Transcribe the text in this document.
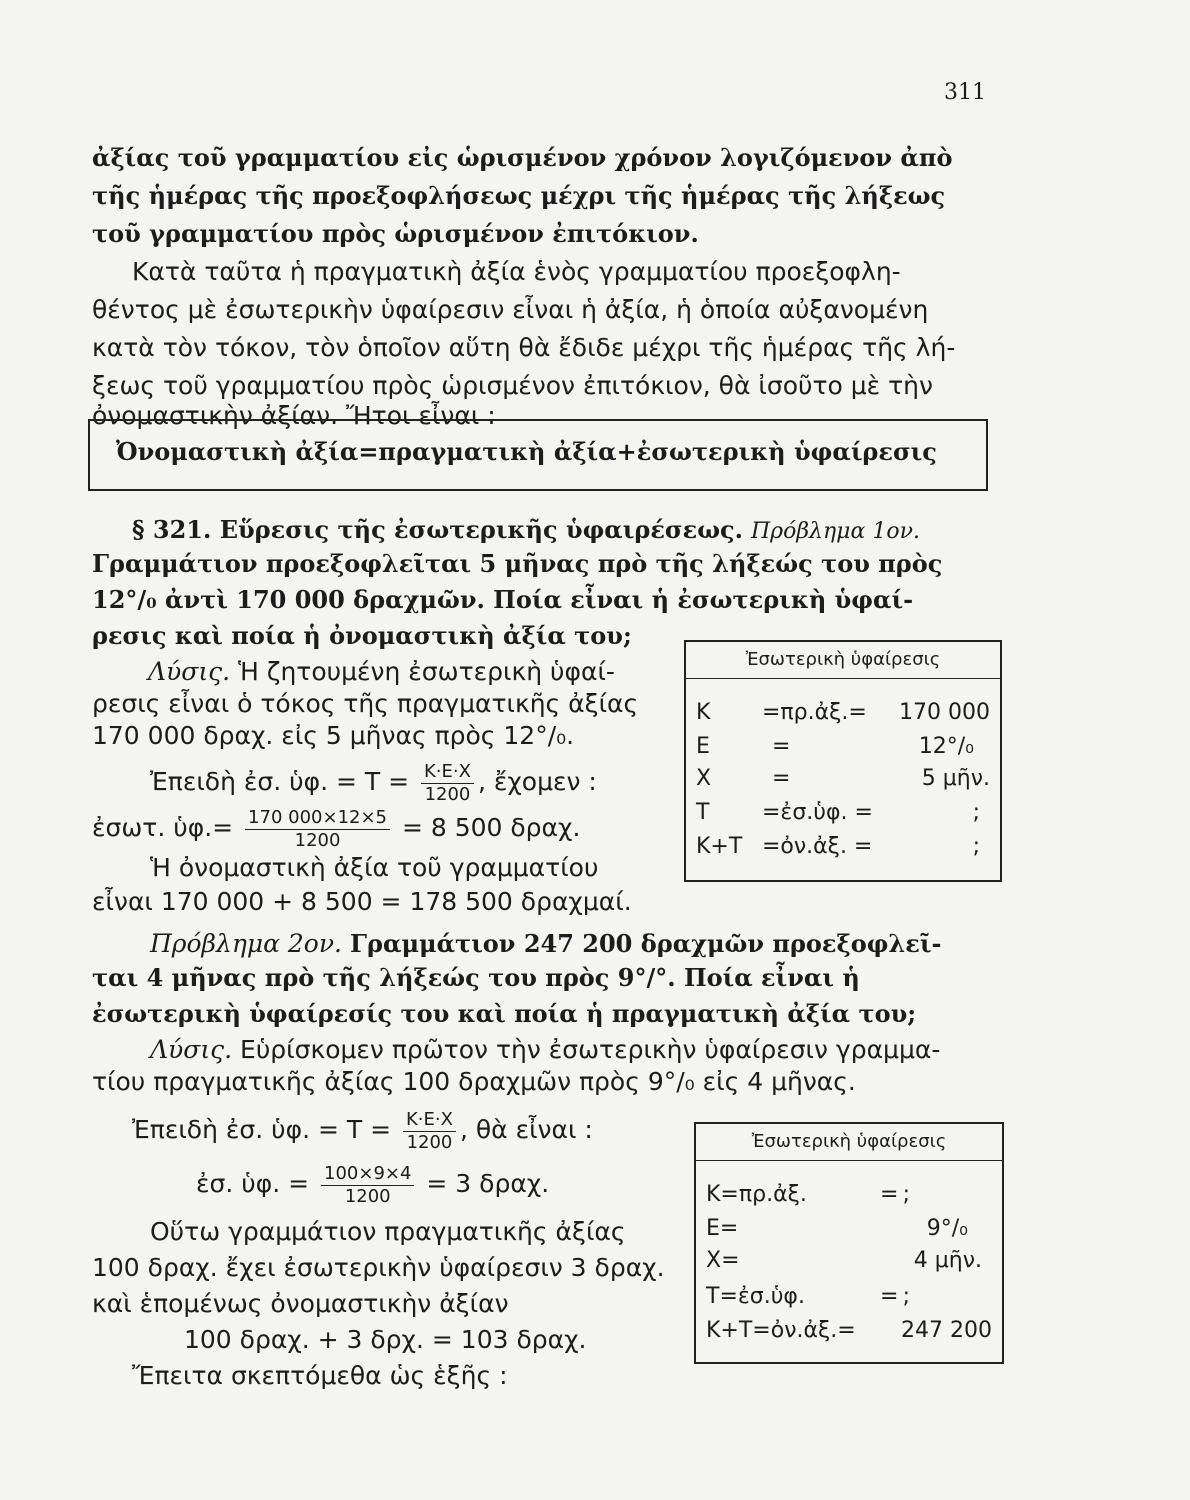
311
ἀξίας τοῦ γραμματίου εἰς ὡρισμένον χρόνον λογιζόμενον ἀπὸ
τῆς ἡμέρας τῆς προεξοφλήσεως μέχρι τῆς ἡμέρας τῆς λήξεως
τοῦ γραμματίου πρὸς ὡρισμένον ἐπιτόκιον.
Κατὰ ταῦτα ἡ πραγματικὴ ἀξία ἑνὸς γραμματίου προεξοφλη-
θέντος μὲ ἐσωτερικὴν ὑφαίρεσιν εἶναι ἡ ἀξία, ἡ ὁποία αὐξανομένη
κατὰ τὸν τόκον, τὸν ὁποῖον αὕτη θὰ ἔδιδε μέχρι τῆς ἡμέρας τῆς λή-
ξεως τοῦ γραμματίου πρὸς ὡρισμένον ἐπιτόκιον, θὰ ἰσοῦτο μὲ τὴν
ὀνομαστικὴν ἀξίαν. Ἤτοι εἶναι :
Ὀνομαστικὴ ἀξία=πραγματικὴ ἀξία+ἐσωτερικὴ ὑφαίρεσις
§ 321. Εὕρεσις τῆς ἐσωτερικῆς ὑφαιρέσεως. Πρόβλημα 1ον.
Γραμμάτιον προεξοφλεῖται 5 μῆνας πρὸ τῆς λήξεώς του πρὸς
12°/₀ ἀντὶ 170 000 δραχμῶν. Ποία εἶναι ἡ ἐσωτερικὴ ὑφαί-
ρεσις καὶ ποία ἡ ὀνομαστικὴ ἀξία του;
Λύσις. Ἡ ζητουμένη ἐσωτερικὴ ὑφαί-
ρεσις εἶναι ὁ τόκος τῆς πραγματικῆς ἀξίας
170 000 δραχ. εἰς 5 μῆνας πρὸς 12°/₀.
Ἐπειδὴ ἐσ. ὑφ. = $T = \frac{K\cdot E\cdot X}{1200}$ , ἔχομεν :
ἐσωτ. ὑφ.= $\frac{170 000\times 12\times 5}{1200} = 8$ 500 δραχ.
Ἡ ὀνομαστικὴ ἀξία τοῦ γραμματίου
εἶναι 170 000 + 8 500 = 178 500 δραχμαί.
Πρόβλημα 2ον. Γραμμάτιον 247 200 δραχμῶν προεξοφλεῖ-
ται 4 μῆνας πρὸ τῆς λήξεώς του πρὸς 9°/°. Ποία εἶναι ἡ
ἐσωτερικὴ ὑφαίρεσίς του καὶ ποία ἡ πραγματικὴ ἀξία του;
Λύσις. Εὑρίσκομεν πρῶτον τὴν ἐσωτερικὴν ὑφαίρεσιν γραμμα-
τίου πραγματικῆς ἀξίας 100 δραχμῶν πρὸς 9°/₀ εἰς 4 μῆνας.
Ἐπειδὴ ἐσ. ὑφ. = $T = \frac{K\cdot E\cdot X}{1200}$ , θὰ εἶναι :
ἐσ. ὑφ. = $\frac{100\times 9\times 4}{1200} = 3$ δραχ.
Οὕτω γραμμάτιον πραγματικῆς ἀξίας
100 δραχ. ἔχει ἐσωτερικὴν ὑφαίρεσιν 3 δραχ.
καὶ ἑπομένως ὀνομαστικὴν ἀξίαν
100 δραχ. + 3 δρχ. = 103 δραχ.
Ἔπειτα σκεπτόμεθα ὡς ἑξῆς :
Ἐσωτερικὴ ὑφαίρεσις
K =πρ.ἀξ.= 170 000
E	=	12°/₀
X	=	5 μῆν.
T =ἐσ.ὑφ. =	;
K+T =ὀν.ἀξ. =	;
Ἐσωτερικὴ ὑφαίρεσις
K=πρ.ἀξ.	= ;
E=	9°/₀
X=	4 μῆν.
T=ἐσ.ὑφ.	= ;
K+T=ὀν.ἀξ.= 247 200
